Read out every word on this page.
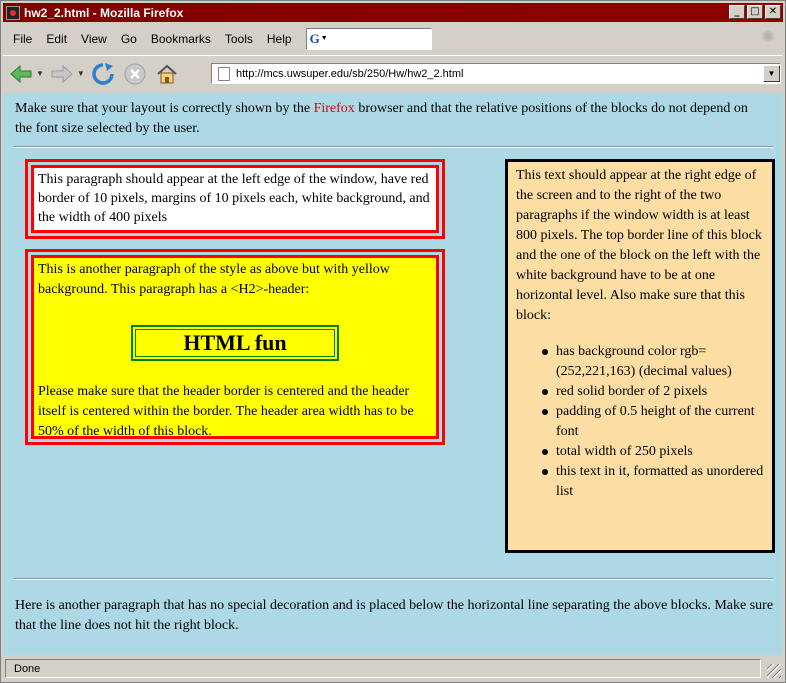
hw2_2.html - Mozilla Firefox	_ □ ✕
File	Edit	View	Go	Bookmarks	Tools	Help	G ▼	✺
▼	▼	http://mcs.uwsuper.edu/sb/250/Hw/hw2_2.html	▼

Make sure that your layout is correctly shown by the Firefox browser and that the relative positions of the blocks do not depend on the font size selected by the user.

This paragraph should appear at the left edge of the window, have red border of 10 pixels, margins of 10 pixels each, white background, and the width of 400 pixels
This is another paragraph of the style as above but with yellow background. This paragraph has a <H2>-header:
HTML fun
Please make sure that the header border is centered and the header itself is centered within the border. The header area width has to be 50% of the width of this block.
This text should appear at the right edge of the screen and to the right of the two paragraphs if the window width is at least 800 pixels. The top border line of this block and the one of the block on the left with the white background have to be at one horizontal level. Also make sure that this block:
has background color rgb=(252,221,163) (decimal values)
red solid border of 2 pixels
padding of 0.5 height of the current font
total width of 250 pixels
this text in it, formatted as unordered list

Here is another paragraph that has no special decoration and is placed below the horizontal line separating the above blocks. Make sure that the line does not hit the right block.

Done
